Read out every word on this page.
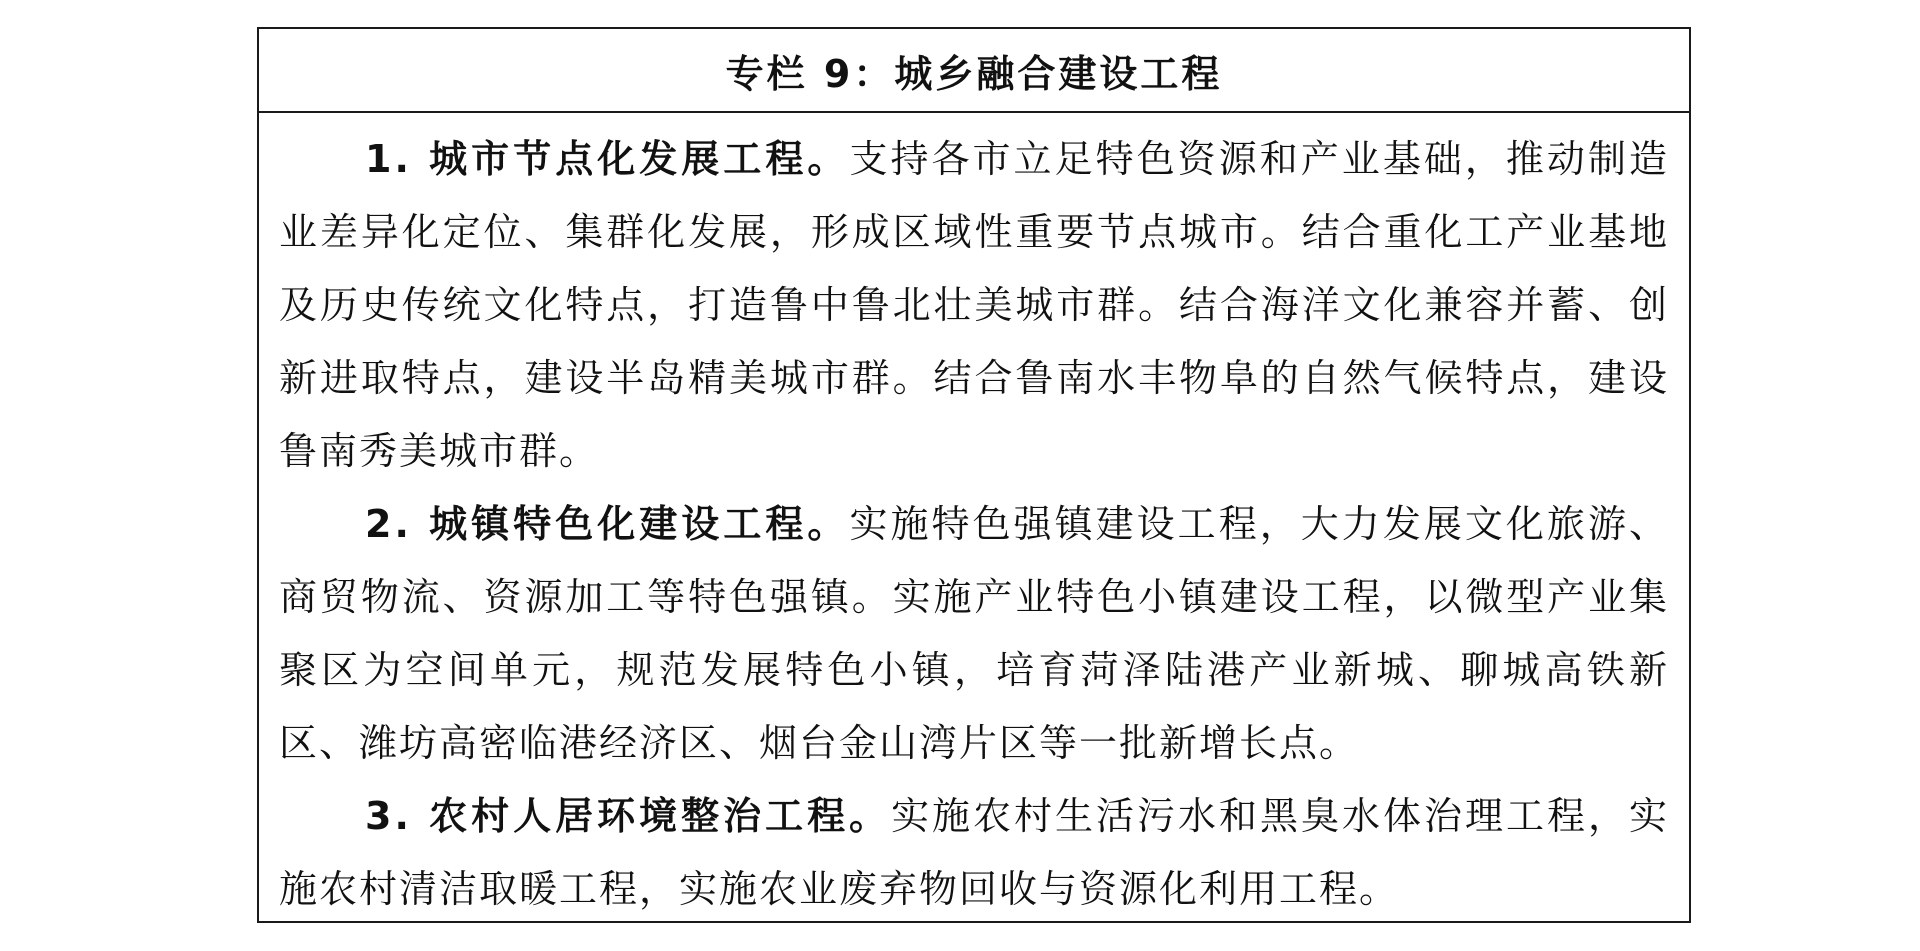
专栏 9：城乡融合建设工程

1. 城市节点化发展工程。支持各市立足特色资源和产业基础，推动制造业差异化定位、集群化发展，形成区域性重要节点城市。结合重化工产业基地及历史传统文化特点，打造鲁中鲁北壮美城市群。结合海洋文化兼容并蓄、创新进取特点，建设半岛精美城市群。结合鲁南水丰物阜的自然气候特点，建设鲁南秀美城市群。

2. 城镇特色化建设工程。实施特色强镇建设工程，大力发展文化旅游、商贸物流、资源加工等特色强镇。实施产业特色小镇建设工程，以微型产业集聚区为空间单元，规范发展特色小镇，培育菏泽陆港产业新城、聊城高铁新区、潍坊高密临港经济区、烟台金山湾片区等一批新增长点。

3. 农村人居环境整治工程。实施农村生活污水和黑臭水体治理工程，实施农村清洁取暖工程，实施农业废弃物回收与资源化利用工程。
